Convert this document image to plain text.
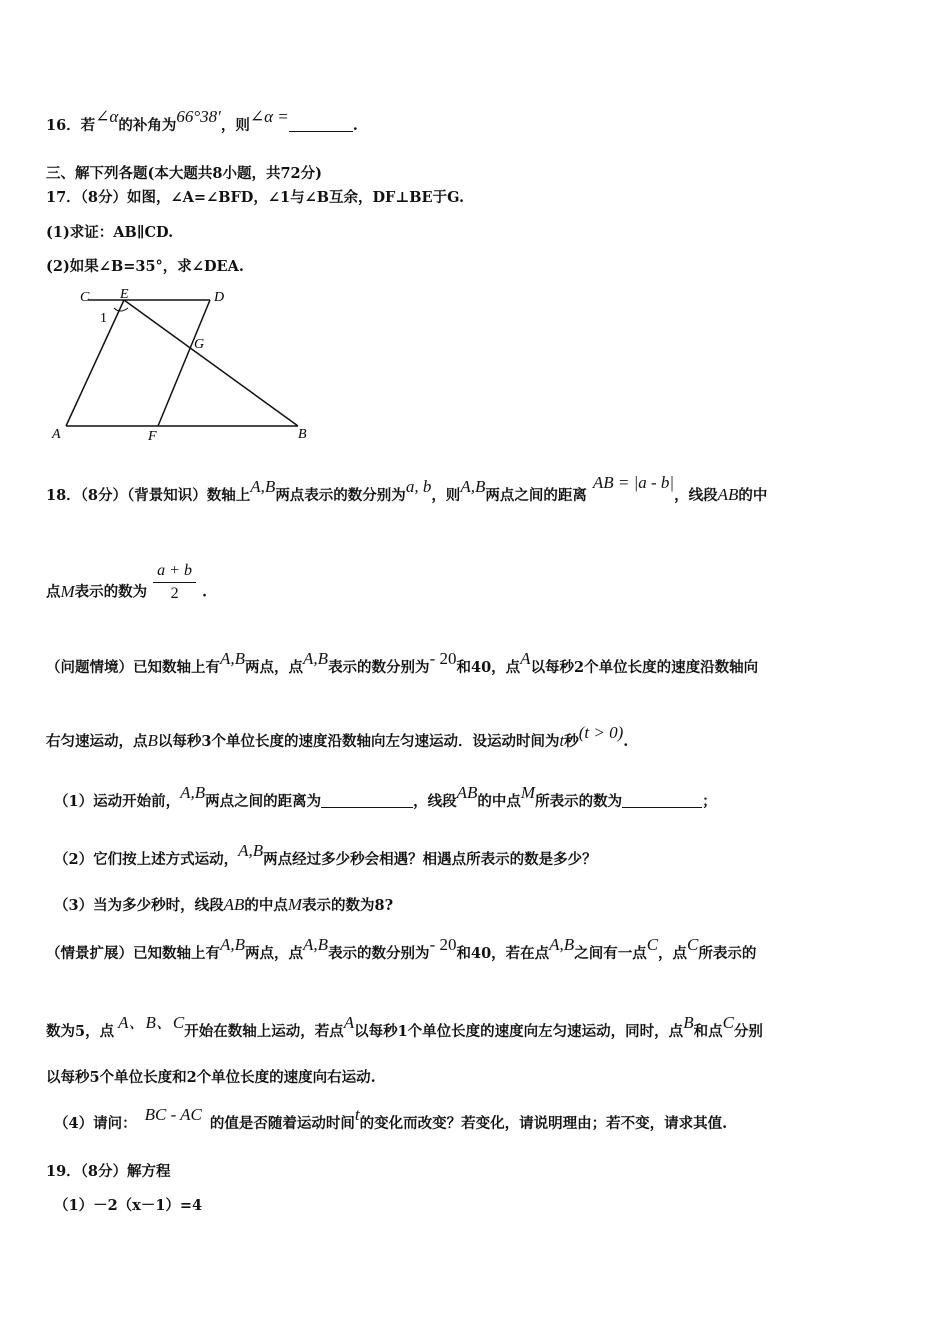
16．若∠α的补角为66°38′，则∠α =	.
三、解下列各题(本大题共8小题，共72分)
17．（8分）如图，∠A=∠BFD，∠1与∠B互余，DF⊥BE于G.
(1)求证：AB∥CD.
(2)如果∠B=35°，求∠DEA.
C E	D
1
G
A	F	B
18．（8分）（背景知识）数轴上A,B两点表示的数分别为a, b，则A,B两点之间的距离AB = |a - b|，线段AB的中
点M表示的数为 $\frac{a + b}{2}$ .
（问题情境）已知数轴上有A,B两点，点A,B表示的数分别为- 20和40，点A以每秒2个单位长度的速度沿数轴向
右匀速运动，点B以每秒3个单位长度的速度沿数轴向左匀速运动．设运动时间为t秒(t > 0).
（1）运动开始前，A,B两点之间的距离为	，线段AB的中点M所表示的数为	；
（2）它们按上述方式运动，A,B两点经过多少秒会相遇？相遇点所表示的数是多少？
（3）当为多少秒时，线段AB的中点M表示的数为8?
（情景扩展）已知数轴上有A,B两点，点A,B表示的数分别为- 20和40，若在点A,B之间有一点C，点C所表示的
数为5，点 A、B、C开始在数轴上运动，若点A以每秒1个单位长度的速度向左匀速运动，同时，点B和点C分别
以每秒5个单位长度和2个单位长度的速度向右运动.
（4）请问： BC - AC 的值是否随着运动时间t的变化而改变？若变化，请说明理由；若不变，请求其值.
19．（8分）解方程
（1）－2（x－1）=4
